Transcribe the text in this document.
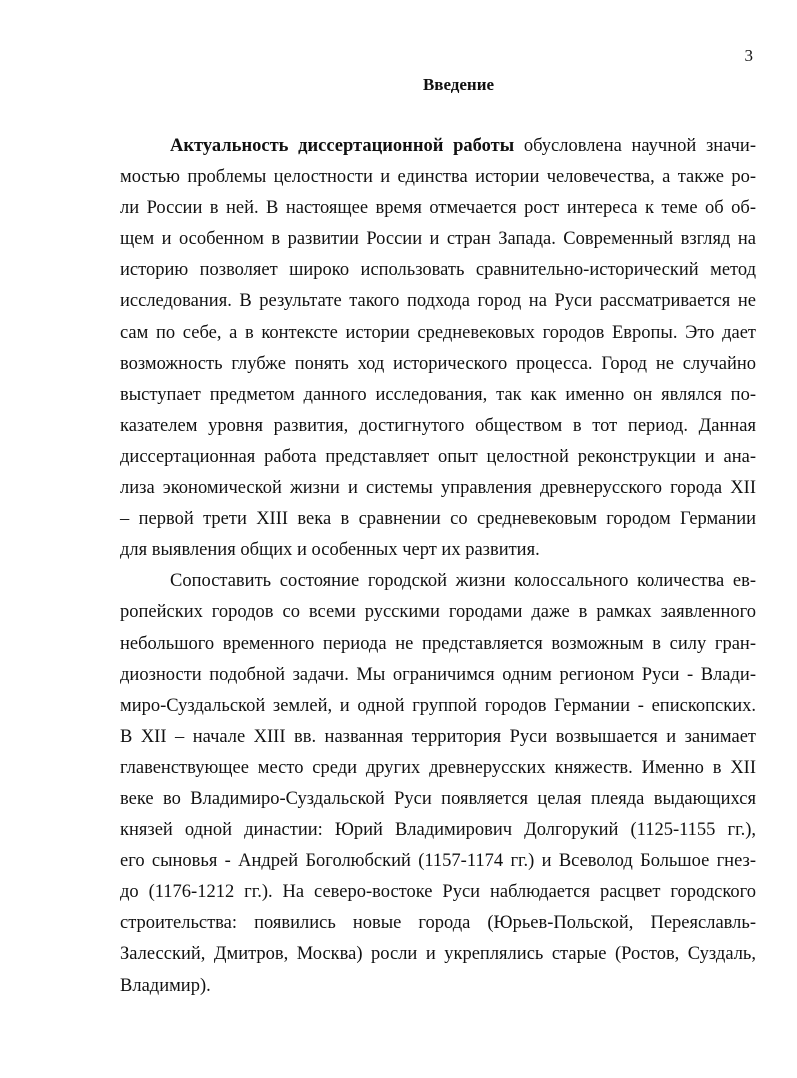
3
Введение
Актуальность диссертационной работы обусловлена научной значи-
мостью проблемы целостности и единства истории человечества, а также ро-
ли России в ней. В настоящее время отмечается рост интереса к теме об об-
щем и особенном в развитии России и стран Запада. Современный взгляд на
историю позволяет широко использовать сравнительно-исторический метод
исследования. В результате такого подхода город на Руси рассматривается не
сам по себе, а в контексте истории средневековых городов Европы. Это дает
возможность глубже понять ход исторического процесса. Город не случайно
выступает предметом данного исследования, так как именно он являлся по-
казателем уровня развития, достигнутого обществом в тот период. Данная
диссертационная работа представляет опыт целостной реконструкции и ана-
лиза экономической жизни и системы управления древнерусского города XII
– первой трети XIII века в сравнении со средневековым городом Германии
для выявления общих и особенных черт их развития.
Сопоставить состояние городской жизни колоссального количества ев-
ропейских городов со всеми русскими городами даже в рамках заявленного
небольшого временного периода не представляется возможным в силу гран-
диозности подобной задачи. Мы ограничимся одним регионом Руси - Влади-
миро-Суздальской землей, и одной группой городов Германии - епископских.
В XII – начале XIII вв. названная территория Руси возвышается и занимает
главенствующее место среди других древнерусских княжеств. Именно в XII
веке во Владимиро-Суздальской Руси появляется целая плеяда выдающихся
князей одной династии: Юрий Владимирович Долгорукий (1125-1155 гг.),
его сыновья - Андрей Боголюбский (1157-1174 гг.) и Всеволод Большое гнез-
до (1176-1212 гг.). На северо-востоке Руси наблюдается расцвет городского
строительства: появились новые города (Юрьев-Польской, Переяславль-
Залесский, Дмитров, Москва) росли и укреплялись старые (Ростов, Суздаль,
Владимир).
